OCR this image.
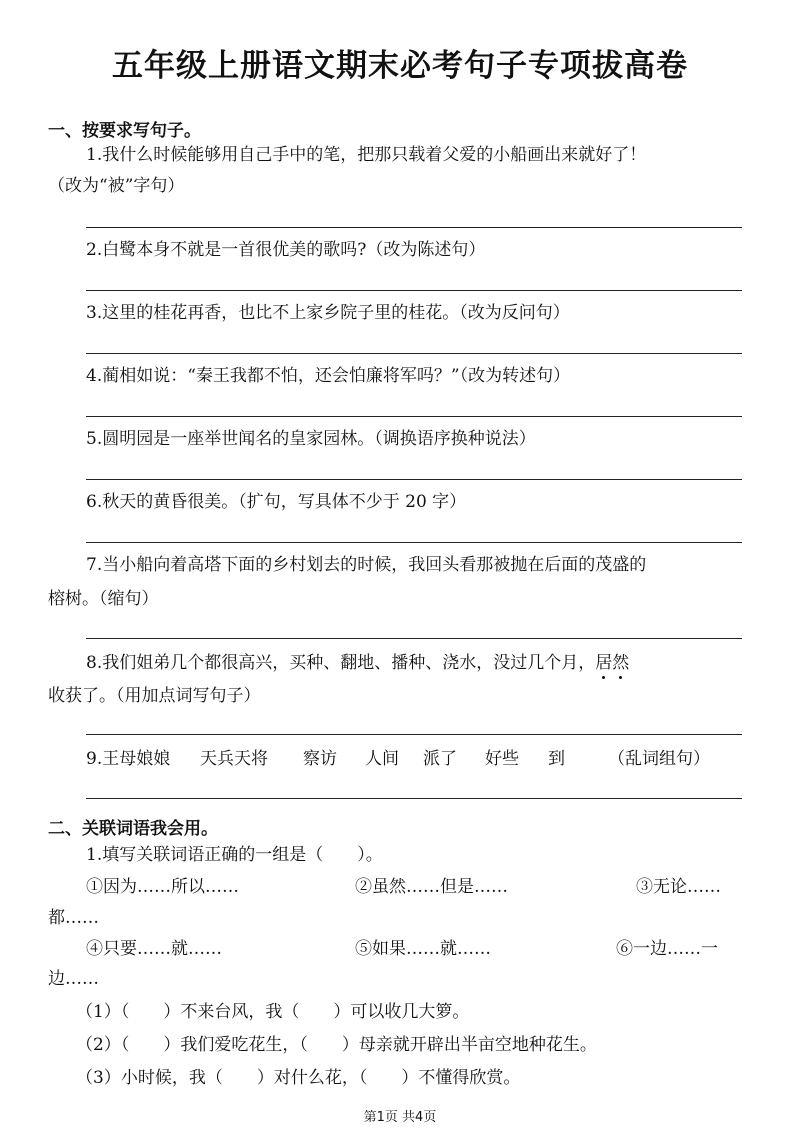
五年级上册语文期末必考句子专项拔高卷
一、按要求写句子。
1.我什么时候能够用自己手中的笔，把那只载着父爱的小船画出来就好了！
（改为“被”字句）
2.白鹭本身不就是一首很优美的歌吗?（改为陈述句）
3.这里的桂花再香，也比不上家乡院子里的桂花。（改为反问句）
4.蔺相如说：“秦王我都不怕，还会怕廉将军吗？”（改为转述句）
5.圆明园是一座举世闻名的皇家园林。（调换语序换种说法）
6.秋天的黄昏很美。（扩句，写具体不少于 20 字）
7.当小船向着高塔下面的乡村划去的时候，我回头看那被抛在后面的茂盛的
榕树。（缩句）
8.我们姐弟几个都很高兴，买种、翻地、播种、浇水，没过几个月，居然
收获了。（用加点词写句子）
9.王母娘娘 天兵天将 察访 人间 派了 好些 到	（乱词组句）
二、关联词语我会用。
1.填写关联词语正确的一组是（　　）。
①因为……所以……	②虽然……但是……	③无论……
都……
④只要……就……	⑤如果……就……	⑥一边……一
边……
（1）（　　）不来台风，我（　　）可以收几大箩。
（2）（　　）我们爱吃花生，（　　）母亲就开辟出半亩空地种花生。
（3）小时候，我（　　）对什么花，（　　）不懂得欣赏。
第1页 共4页
